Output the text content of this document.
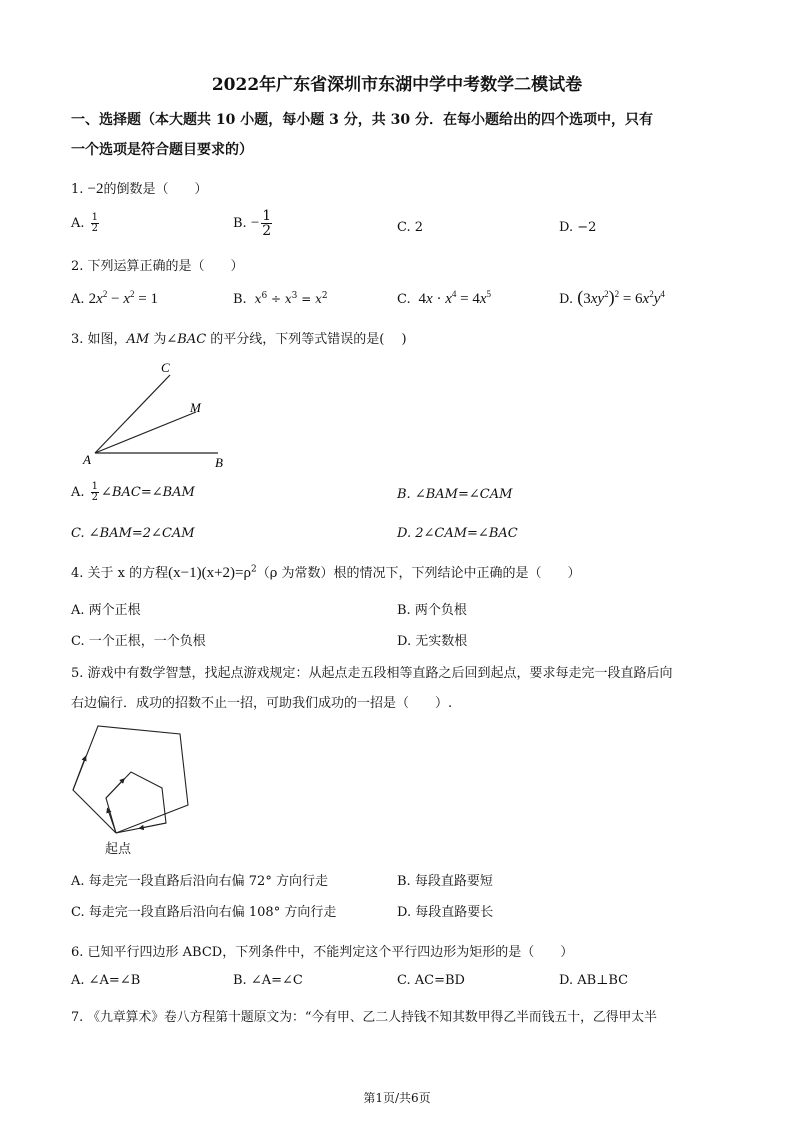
2022年广东省深圳市东湖中学中考数学二模试卷
一、选择题（本大题共 10 小题，每小题 3 分，共 30 分．在每小题给出的四个选项中，只有
一个选项是符合题目要求的）
1. −2的倒数是（　　）
A. $\frac{1}{2}$	B. − $\frac{1}{2}$	C. 2	D. −2
2. 下列运算正确的是（　　）
A. $2x^2 - x^2 = 1$	B. $x^6 \div x^3 = x^2$	C.  $4x \cdot x^4 = 4x^5$	D. $(3xy^2)^2 = 6x^2y^4$
3. 如图，AM 为∠BAC 的平分线，下列等式错误的是(　 )
C
M
A	B
A. $\frac{1}{2}$ ∠BAC=∠BAM	B. ∠BAM=∠CAM
C. ∠BAM=2∠CAM	D. 2∠CAM=∠BAC
4. 关于 x 的方程$(x-1)(x+2)=\rho^2(\rho$ 为常数）根的情况下，下列结论中正确的是（　　）
A. 两个正根	B. 两个负根
C. 一个正根，一个负根	D. 无实数根
5. 游戏中有数学智慧，找起点游戏规定：从起点走五段相等直路之后回到起点，要求每走完一段直路后向
右边偏行．成功的招数不止一招，可助我们成功的一招是（　　）.
起点
A. 每走完一段直路后沿向右偏 72° 方向行走	B. 每段直路要短
C. 每走完一段直路后沿向右偏 108° 方向行走	D. 每段直路要长
6. 已知平行四边形 ABCD，下列条件中，不能判定这个平行四边形为矩形的是（　　）
A. ∠A=∠B	B. ∠A=∠C	C. AC=BD	D. AB⊥BC
7. 《九章算术》卷八方程第十题原文为：“今有甲、乙二人持钱不知其数甲得乙半而钱五十，乙得甲太半
第1页/共6页
